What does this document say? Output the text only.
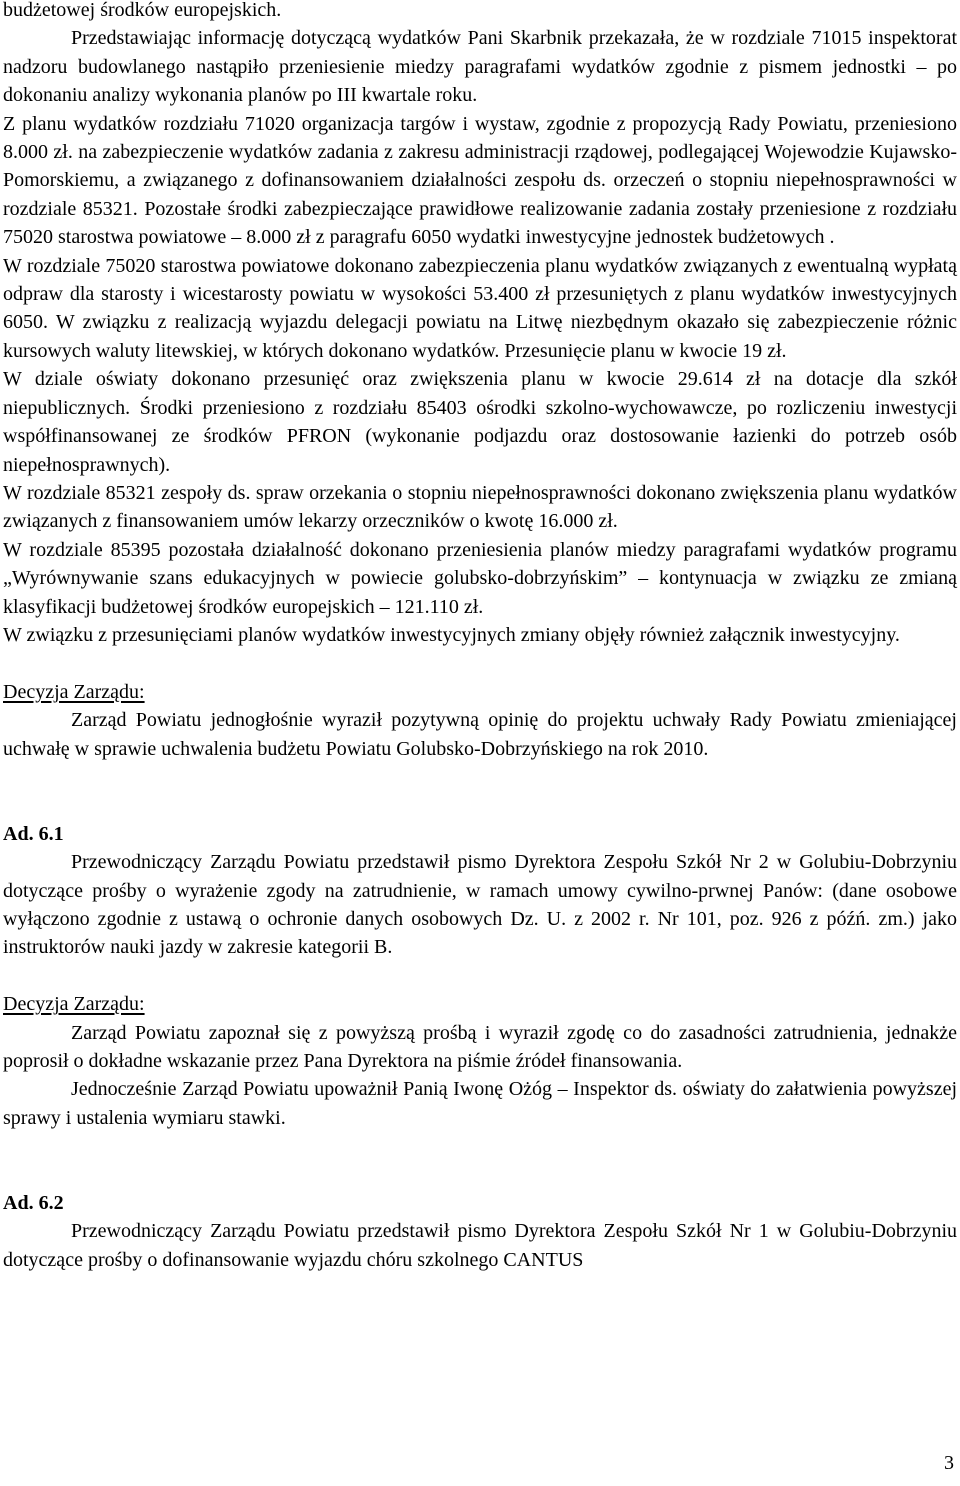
budżetowej środków europejskich.

Przedstawiając informację dotyczącą wydatków Pani Skarbnik przekazała, że w rozdziale 71015 inspektorat nadzoru budowlanego nastąpiło przeniesienie miedzy paragrafami wydatków zgodnie z pismem jednostki – po dokonaniu analizy wykonania planów po III kwartale roku.

Z planu wydatków rozdziału 71020 organizacja targów i wystaw, zgodnie z propozycją Rady Powiatu, przeniesiono 8.000 zł. na zabezpieczenie wydatków zadania z zakresu administracji rządowej, podlegającej Wojewodzie Kujawsko-Pomorskiemu, a związanego z dofinansowaniem działalności zespołu ds. orzeczeń o stopniu niepełnosprawności w rozdziale 85321. Pozostałe środki zabezpieczające prawidłowe realizowanie zadania zostały przeniesione z rozdziału 75020 starostwa powiatowe – 8.000 zł z paragrafu 6050 wydatki inwestycyjne jednostek budżetowych .

W rozdziale 75020 starostwa powiatowe dokonano zabezpieczenia planu wydatków związanych z ewentualną wypłatą odpraw dla starosty i wicestarosty powiatu w wysokości 53.400 zł przesuniętych z planu wydatków inwestycyjnych 6050. W związku z realizacją wyjazdu delegacji powiatu na Litwę niezbędnym okazało się zabezpieczenie różnic kursowych waluty litewskiej, w których dokonano wydatków. Przesunięcie planu w kwocie 19 zł.

W dziale oświaty dokonano przesunięć oraz zwiększenia planu w kwocie 29.614 zł na dotacje dla szkół niepublicznych. Środki przeniesiono z rozdziału 85403 ośrodki szkolno-wychowawcze, po rozliczeniu inwestycji współfinansowanej ze środków PFRON (wykonanie podjazdu oraz dostosowanie łazienki do potrzeb osób niepełnosprawnych).

W rozdziale 85321 zespoły ds. spraw orzekania o stopniu niepełnosprawności dokonano zwiększenia planu wydatków związanych z finansowaniem umów lekarzy orzeczników o kwotę 16.000 zł.

W rozdziale 85395 pozostała działalność dokonano przeniesienia planów miedzy paragrafami wydatków programu „Wyrównywanie szans edukacyjnych w powiecie golubsko-dobrzyńskim” – kontynuacja w związku ze zmianą klasyfikacji budżetowej środków europejskich – 121.110 zł.

W związku z przesunięciami planów wydatków inwestycyjnych zmiany objęły również załącznik inwestycyjny.

Decyzja Zarządu:

Zarząd Powiatu jednogłośnie wyraził pozytywną opinię do projektu uchwały Rady Powiatu zmieniającej uchwałę w sprawie uchwalenia budżetu Powiatu Golubsko-Dobrzyńskiego na rok 2010.

Ad. 6.1

Przewodniczący Zarządu Powiatu przedstawił pismo Dyrektora Zespołu Szkół Nr 2 w Golubiu-Dobrzyniu dotyczące prośby o wyrażenie zgody na zatrudnienie, w ramach umowy cywilno-prwnej Panów: (dane osobowe wyłączono zgodnie z ustawą o ochronie danych osobowych Dz. U. z 2002 r. Nr 101, poz. 926 z późń. zm.) jako instruktorów nauki jazdy w zakresie kategorii B.

Decyzja Zarządu:

Zarząd Powiatu zapoznał się z powyższą prośbą i wyraził zgodę co do zasadności zatrudnienia, jednakże poprosił o dokładne wskazanie przez Pana Dyrektora na piśmie źródeł finansowania.

Jednocześnie Zarząd Powiatu upoważnił Panią Iwonę Ożóg – Inspektor ds. oświaty do załatwienia powyższej sprawy i ustalenia wymiaru stawki.

Ad. 6.2

Przewodniczący Zarządu Powiatu przedstawił pismo Dyrektora Zespołu Szkół Nr 1 w Golubiu-Dobrzyniu dotyczące prośby o dofinansowanie wyjazdu chóru szkolnego CANTUS

3
